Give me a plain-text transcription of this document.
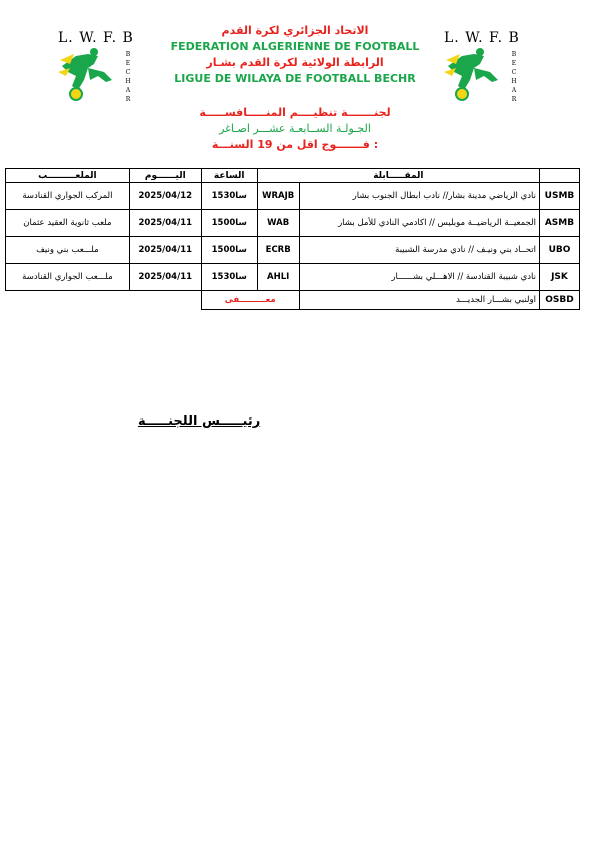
L. W. F. B
B
E
C
H
A
R
L. W. F. B
B
E
C
H
A
R
الاتحاد الجزائري لكرة القدم
FEDERATION ALGERIENNE DE FOOTBALL
الرابطة الولائية لكرة القدم بشـار
LIGUE DE WILAYA DE FOOTBALL BECHR
لجنـــــــة تنظيــــم المنـــــافســـــة
الجـولـة الســابعـة عشـــر اصـاغر
فـــــــوج اقل من 19 السنـــة :
الملعـــــــــب	اليــــــوم	الساعة	المقـــــابلة		
المركب الجواري القنادسة	2025/04/12	15سا30	WRAJB	نادي الرياضي مدينة بشار// نادب ابطال الجنوب بشار	USMB
ملعب ثانوية العقيد عثمان	2025/04/11	15سا00	WAB	الجمعيــة الرياضيــة موبليس // اكادمي النادي للأمل بشار	ASMB
ملـــعب بني ونيف	2025/04/11	15سا00	ECRB	اتحــاد بني ونيـف // نادي مدرسة الشبيبة	UBO
ملـــعب الجواري القنادسة	2025/04/11	15سا30	AHLI	نادي شبيبة القنادسة // الاهـــلي بشــــــار	JSK
		معـــــــــفى		اولنبي بشـــار الجديـــد	OSBD
رئيـــــس اللجنـــــة
